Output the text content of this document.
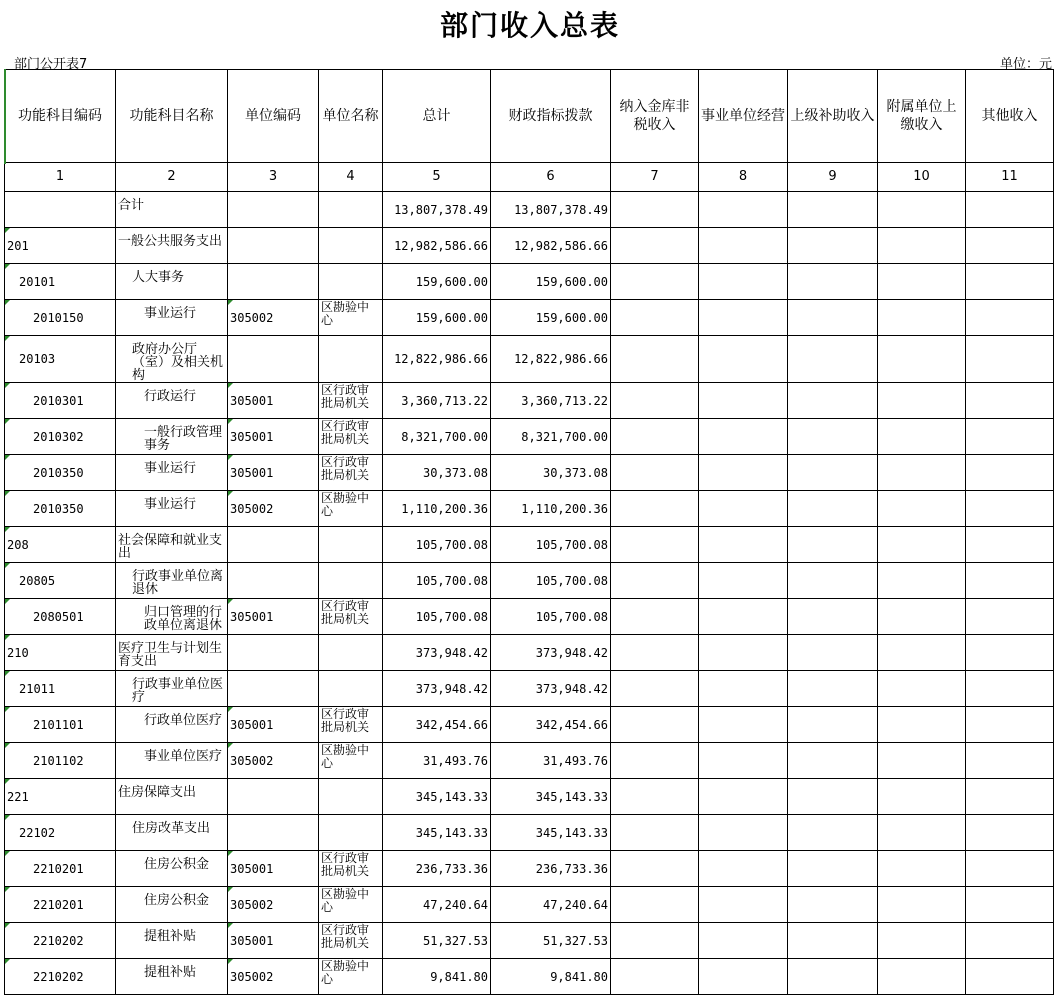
部门收入总表
部门公开表7	单位：元
功能科目编码	功能科目名称	单位编码	单位名称	总计	财政指标拨款	纳入金库非税收入	事业单位经营	上级补助收入	附属单位上缴收入	其他收入
1	2	3	4	5	6	7	8	9	10	11
	合计			13,807,378.49	13,807,378.49					
201	一般公共服务支出			12,982,586.66	12,982,586.66					
20101	人大事务			159,600.00	159,600.00					
2010150	事业运行	305002	区勘验中心	159,600.00	159,600.00					
20103	政府办公厅（室）及相关机构			12,822,986.66	12,822,986.66					
2010301	行政运行	305001	区行政审批局机关	3,360,713.22	3,360,713.22					
2010302	一般行政管理事务	305001	区行政审批局机关	8,321,700.00	8,321,700.00					
2010350	事业运行	305001	区行政审批局机关	30,373.08	30,373.08					
2010350	事业运行	305002	区勘验中心	1,110,200.36	1,110,200.36					
208	社会保障和就业支出			105,700.08	105,700.08					
20805	行政事业单位离退休			105,700.08	105,700.08					
2080501	归口管理的行政单位离退休	305001	区行政审批局机关	105,700.08	105,700.08					
210	医疗卫生与计划生育支出			373,948.42	373,948.42					
21011	行政事业单位医疗			373,948.42	373,948.42					
2101101	行政单位医疗	305001	区行政审批局机关	342,454.66	342,454.66					
2101102	事业单位医疗	305002	区勘验中心	31,493.76	31,493.76					
221	住房保障支出			345,143.33	345,143.33					
22102	住房改革支出			345,143.33	345,143.33					
2210201	住房公积金	305001	区行政审批局机关	236,733.36	236,733.36					
2210201	住房公积金	305002	区勘验中心	47,240.64	47,240.64					
2210202	提租补贴	305001	区行政审批局机关	51,327.53	51,327.53					
2210202	提租补贴	305002	区勘验中心	9,841.80	9,841.80					
